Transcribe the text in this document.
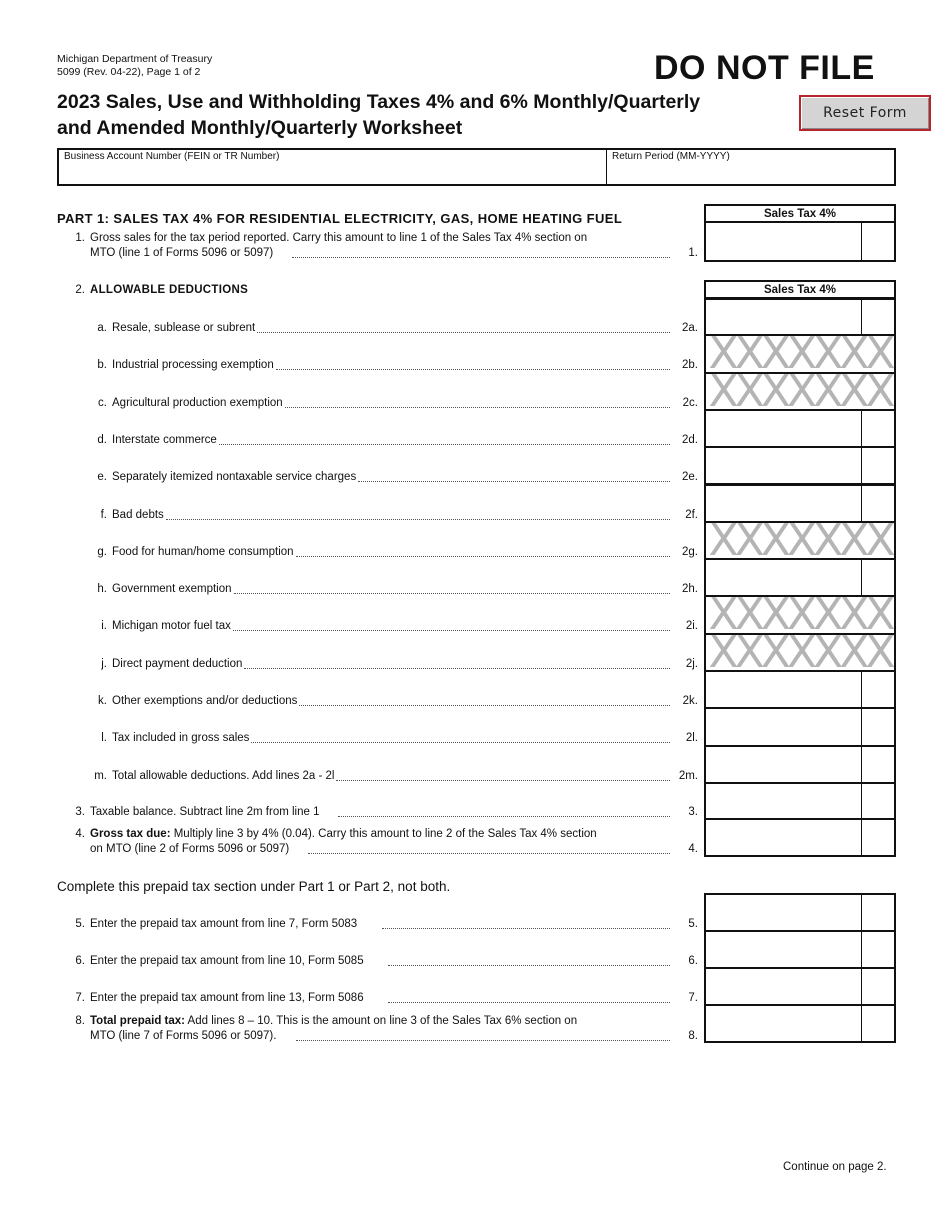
Michigan Department of Treasury
5099 (Rev. 04-22), Page 1 of 2	DO NOT FILE
2023 Sales, Use and Withholding Taxes 4% and 6% Monthly/Quarterly
and Amended Monthly/Quarterly Worksheet
Reset Form
Business Account Number (FEIN or TR Number)	Return Period (MM-YYYY)
PART 1: SALES TAX 4% FOR RESIDENTIAL ELECTRICITY, GAS, HOME HEATING FUEL	Sales Tax 4%
1. Gross sales for the tax period reported. Carry this amount to line 1 of the Sales Tax 4% section on
MTO (line 1 of Forms 5096 or 5097)	1.
2. ALLOWABLE DEDUCTIONS	Sales Tax 4%
a. Resale, sublease or subrent	2a.
b. Industrial processing exemption	2b. XXXXXXX
c. Agricultural production exemption	2c. XXXXXXX
d. Interstate commerce	2d.
e. Separately itemized nontaxable service charges	2e.
f. Bad debts	2f.
g. Food for human/home consumption	2g. XXXXXXX
h. Government exemption	2h.
i. Michigan motor fuel tax	2i. XXXXXXX
j. Direct payment deduction	2j. XXXXXXX
k. Other exemptions and/or deductions	2k.
l. Tax included in gross sales	2l.
m. Total allowable deductions. Add lines 2a - 2l	2m.
3. Taxable balance. Subtract line 2m from line 1	3.
4. Gross tax due: Multiply line 3 by 4% (0.04). Carry this amount to line 2 of the Sales Tax 4% section
on MTO (line 2 of Forms 5096 or 5097)	4.
Complete this prepaid tax section under Part 1 or Part 2, not both.
5. Enter the prepaid tax amount from line 7, Form 5083	5.
6. Enter the prepaid tax amount from line 10, Form 5085	6.
7. Enter the prepaid tax amount from line 13, Form 5086	7.
8. Total prepaid tax: Add lines 8 – 10. This is the amount on line 3 of the Sales Tax 6% section on
MTO (line 7 of Forms 5096 or 5097).	8.
Continue on page 2.
